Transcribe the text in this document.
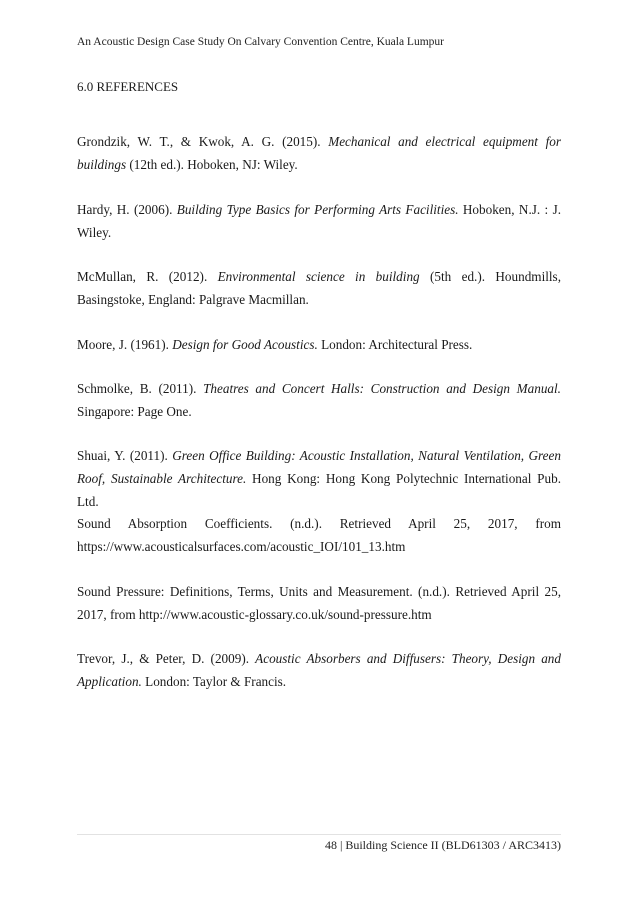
An Acoustic Design Case Study On Calvary Convention Centre, Kuala Lumpur
6.0 REFERENCES
Grondzik, W. T., & Kwok, A. G. (2015). Mechanical and electrical equipment for buildings (12th ed.). Hoboken, NJ: Wiley.
Hardy, H. (2006). Building Type Basics for Performing Arts Facilities. Hoboken, N.J. : J. Wiley.
McMullan, R. (2012). Environmental science in building (5th ed.). Houndmills, Basingstoke, England: Palgrave Macmillan.
Moore, J. (1961). Design for Good Acoustics. London: Architectural Press.
Schmolke, B. (2011). Theatres and Concert Halls: Construction and Design Manual. Singapore: Page One.
Shuai, Y. (2011). Green Office Building: Acoustic Installation, Natural Ventilation, Green Roof, Sustainable Architecture. Hong Kong: Hong Kong Polytechnic International Pub. Ltd.
Sound Absorption Coefficients. (n.d.). Retrieved April 25, 2017, from https://www.acousticalsurfaces.com/acoustic_IOI/101_13.htm
Sound Pressure: Definitions, Terms, Units and Measurement. (n.d.). Retrieved April 25, 2017, from http://www.acoustic-glossary.co.uk/sound-pressure.htm
Trevor, J., & Peter, D. (2009). Acoustic Absorbers and Diffusers: Theory, Design and Application. London: Taylor & Francis.
48 | Building Science II (BLD61303 / ARC3413)
